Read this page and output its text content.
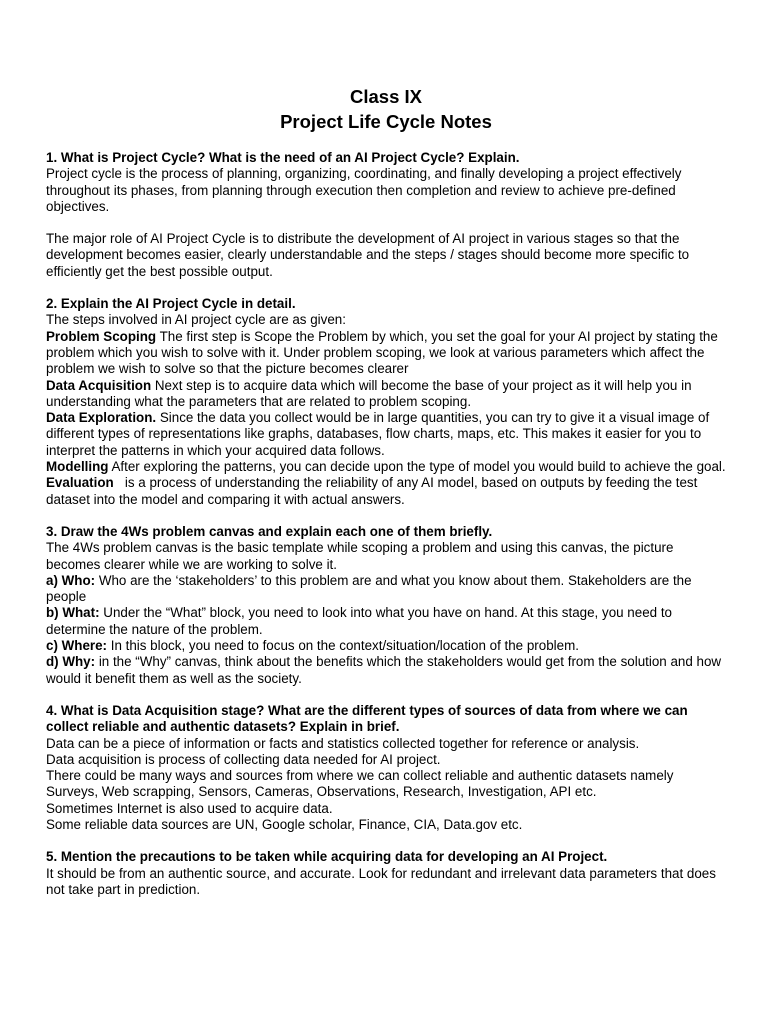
Class IX

Project Life Cycle Notes

1. What is Project Cycle? What is the need of an AI Project Cycle? Explain.

Project cycle is the process of planning, organizing, coordinating, and finally developing a project effectively throughout its phases, from planning through execution then completion and review to achieve pre-defined objectives.

The major role of AI Project Cycle is to distribute the development of AI project in various stages so that the development becomes easier, clearly understandable and the steps / stages should become more specific to efficiently get the best possible output.

2. Explain the AI Project Cycle in detail.

The steps involved in AI project cycle are as given:

Problem Scoping The first step is Scope the Problem by which, you set the goal for your AI project by stating the problem which you wish to solve with it. Under problem scoping, we look at various parameters which affect the problem we wish to solve so that the picture becomes clearer

Data Acquisition Next step is to acquire data which will become the base of your project as it will help you in understanding what the parameters that are related to problem scoping.

Data Exploration. Since the data you collect would be in large quantities, you can try to give it a visual image of different types of representations like graphs, databases, flow charts, maps, etc. This makes it easier for you to interpret the patterns in which your acquired data follows.

Modelling After exploring the patterns, you can decide upon the type of model you would build to achieve the goal.

Evaluation   is a process of understanding the reliability of any AI model, based on outputs by feeding the test dataset into the model and comparing it with actual answers.

3. Draw the 4Ws problem canvas and explain each one of them briefly.

The 4Ws problem canvas is the basic template while scoping a problem and using this canvas, the picture becomes clearer while we are working to solve it.

a) Who: Who are the ‘stakeholders’ to this problem are and what you know about them. Stakeholders are the people

b) What: Under the “What” block, you need to look into what you have on hand. At this stage, you need to determine the nature of the problem.

c) Where: In this block, you need to focus on the context/situation/location of the problem.

d) Why: in the “Why” canvas, think about the benefits which the stakeholders would get from the solution and how would it benefit them as well as the society.

4. What is Data Acquisition stage? What are the different types of sources of data from where we can collect reliable and authentic datasets? Explain in brief.

Data can be a piece of information or facts and statistics collected together for reference or analysis.

Data acquisition is process of collecting data needed for AI project.

There could be many ways and sources from where we can collect reliable and authentic datasets namely Surveys, Web scrapping, Sensors, Cameras, Observations, Research, Investigation, API etc.

Sometimes Internet is also used to acquire data.

Some reliable data sources are UN, Google scholar, Finance, CIA, Data.gov etc.

5. Mention the precautions to be taken while acquiring data for developing an AI Project.

It should be from an authentic source, and accurate. Look for redundant and irrelevant data parameters that does not take part in prediction.
